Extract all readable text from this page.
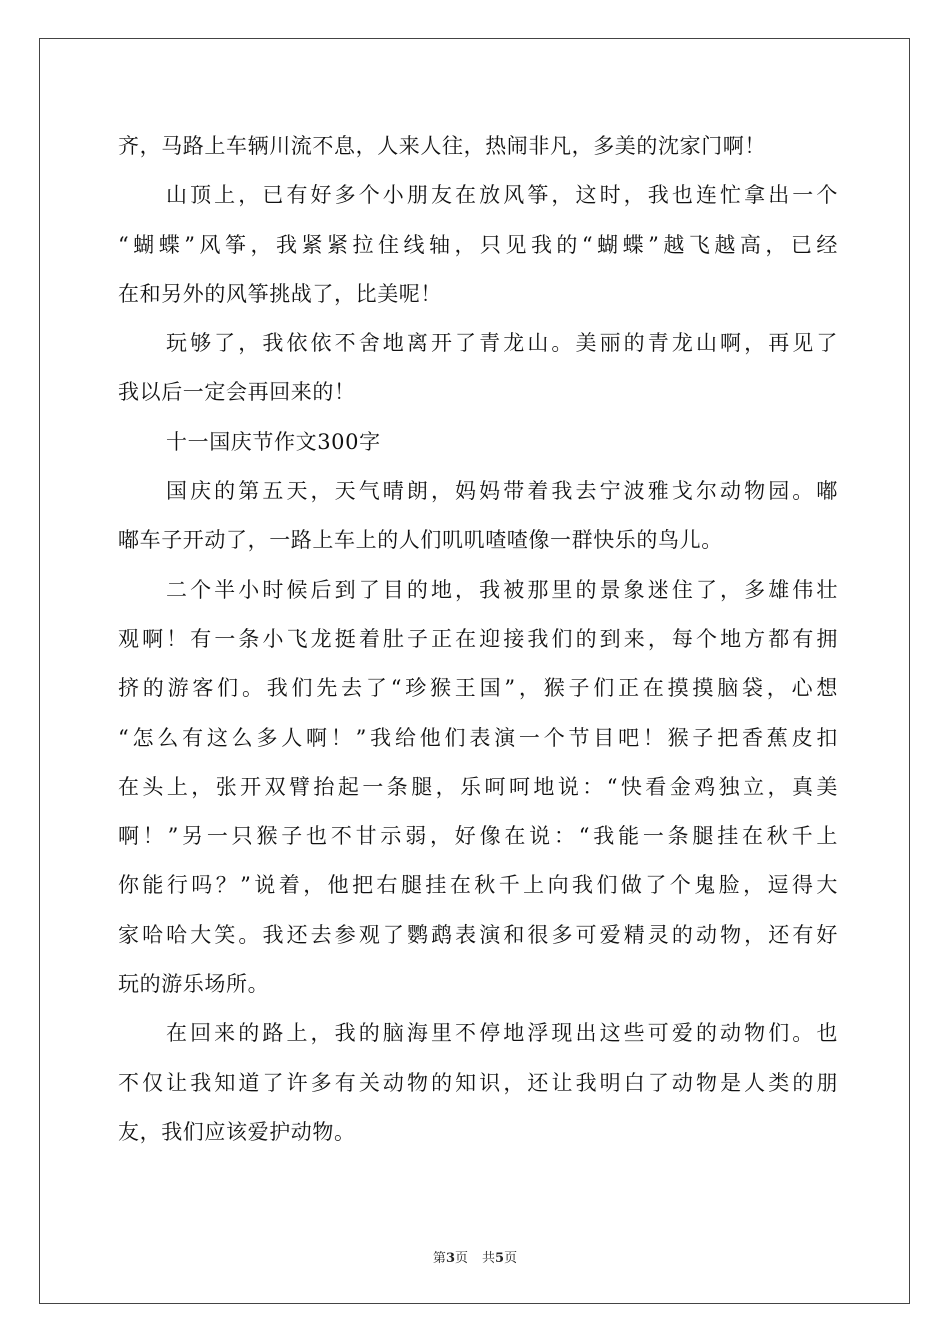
齐，马路上车辆川流不息，人来人往，热闹非凡，多美的沈家门啊！
山顶上，已有好多个小朋友在放风筝，这时，我也连忙拿出一个
“蝴蝶”风筝，我紧紧拉住线轴，只见我的“蝴蝶”越飞越高，已经
在和另外的风筝挑战了，比美呢！
玩够了，我依依不舍地离开了青龙山。美丽的青龙山啊，再见了
我以后一定会再回来的！
十一国庆节作文300字
国庆的第五天，天气晴朗，妈妈带着我去宁波雅戈尔动物园。嘟
嘟车子开动了，一路上车上的人们叽叽喳喳像一群快乐的鸟儿。
二个半小时候后到了目的地，我被那里的景象迷住了，多雄伟壮
观啊！有一条小飞龙挺着肚子正在迎接我们的到来，每个地方都有拥
挤的游客们。我们先去了“珍猴王国”，猴子们正在摸摸脑袋，心想
“怎么有这么多人啊！”我给他们表演一个节目吧！猴子把香蕉皮扣
在头上，张开双臂抬起一条腿，乐呵呵地说：“快看金鸡独立，真美
啊！”另一只猴子也不甘示弱，好像在说：“我能一条腿挂在秋千上
你能行吗？”说着，他把右腿挂在秋千上向我们做了个鬼脸，逗得大
家哈哈大笑。我还去参观了鹦鹉表演和很多可爱精灵的动物，还有好
玩的游乐场所。
在回来的路上，我的脑海里不停地浮现出这些可爱的动物们。也
不仅让我知道了许多有关动物的知识，还让我明白了动物是人类的朋
友，我们应该爱护动物。
第3页 共5页
